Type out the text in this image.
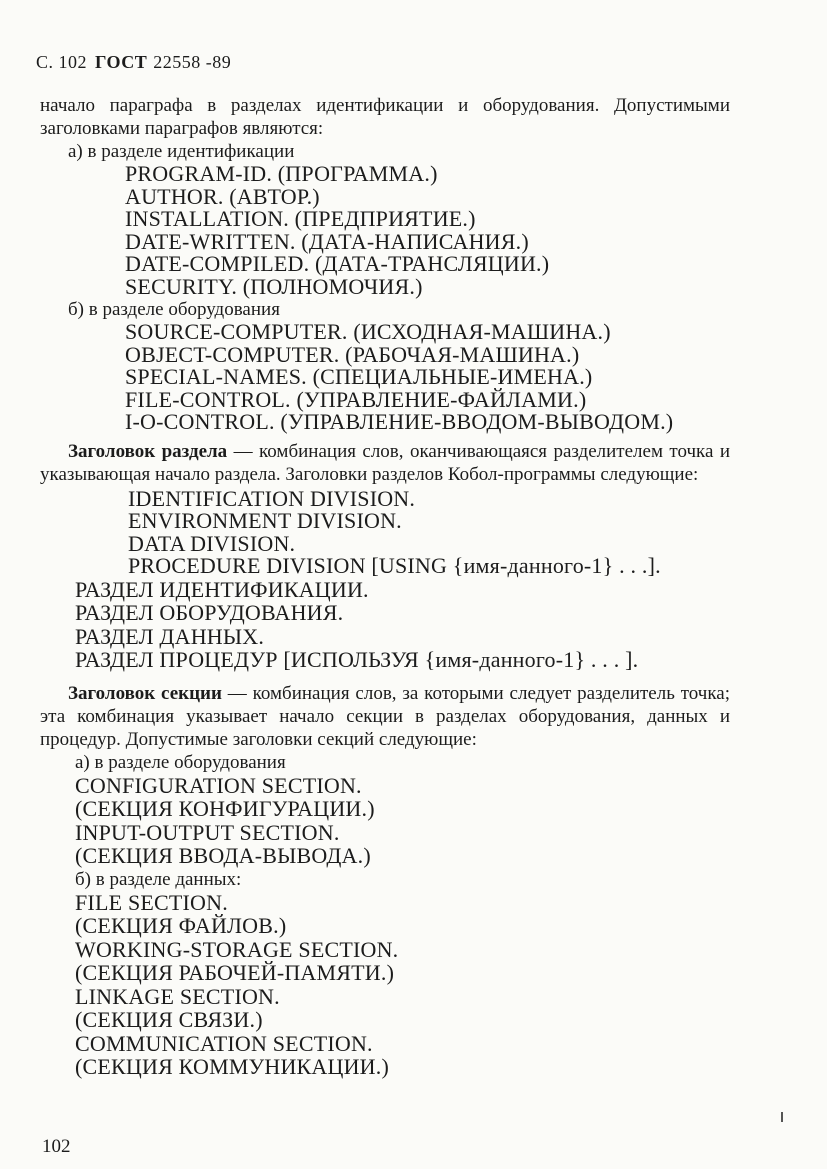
С. 102 ГОСТ 22558 -89

начало параграфа в разделах идентификации и оборудования. Допустимыми заголовками параграфов являются:

а) в разделе идентификации
PROGRAM-ID. (ПРОГРАММА.)
AUTHOR. (АВТОР.)
INSTALLATION. (ПРЕДПРИЯТИЕ.)
DATE-WRITTEN. (ДАТА-НАПИСАНИЯ.)
DATE-COMPILED. (ДАТА-ТРАНСЛЯЦИИ.)
SECURITY. (ПОЛНОМОЧИЯ.)
б) в разделе оборудования
SOURCE-COMPUTER. (ИСХОДНАЯ-МАШИНА.)
OBJECT-COMPUTER. (РАБОЧАЯ-МАШИНА.)
SPECIAL-NAMES. (СПЕЦИАЛЬНЫЕ-ИМЕНА.)
FILE-CONTROL. (УПРАВЛЕНИЕ-ФАЙЛАМИ.)
I-O-CONTROL. (УПРАВЛЕНИЕ-ВВОДОМ-ВЫВОДОМ.)

Заголовок раздела — комбинация слов, оканчивающаяся разделителем точка и указывающая начало раздела. Заголовки разделов Кобол-программы следующие:

IDENTIFICATION DIVISION.
ENVIRONMENT DIVISION.
DATA DIVISION.
PROCEDURE DIVISION [USING {имя-данного-1} . . .].
РАЗДЕЛ ИДЕНТИФИКАЦИИ.
РАЗДЕЛ ОБОРУДОВАНИЯ.
РАЗДЕЛ ДАННЫХ.
РАЗДЕЛ ПРОЦЕДУР [ИСПОЛЬЗУЯ {имя-данного-1} . . . ].

Заголовок секции — комбинация слов, за которыми следует разделитель точка; эта комбинация указывает начало секции в разделах оборудования, данных и процедур. Допустимые заголовки секций следующие:

а) в разделе оборудования
CONFIGURATION SECTION.
(СЕКЦИЯ КОНФИГУРАЦИИ.)
INPUT-OUTPUT SECTION.
(СЕКЦИЯ ВВОДА-ВЫВОДА.)
б) в разделе данных:
FILE SECTION.
(СЕКЦИЯ ФАЙЛОВ.)
WORKING-STORAGE SECTION.
(СЕКЦИЯ РАБОЧЕЙ-ПАМЯТИ.)
LINKAGE SECTION.
(СЕКЦИЯ СВЯЗИ.)
COMMUNICATION SECTION.
(СЕКЦИЯ КОММУНИКАЦИИ.)
102
